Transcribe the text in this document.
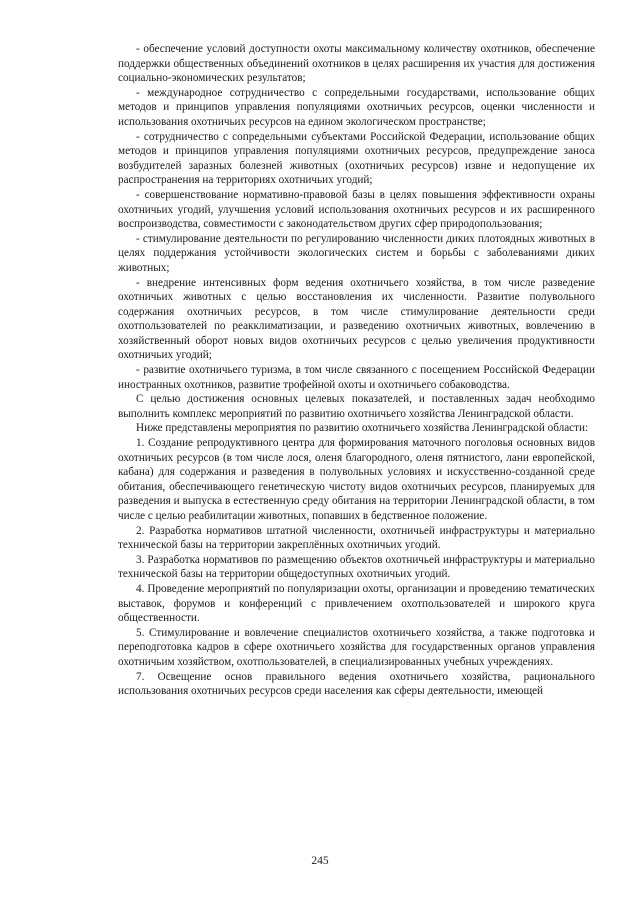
- обеспечение условий доступности охоты максимальному количеству охотников, обеспечение поддержки общественных объединений охотников в целях расширения их участия для достижения социально-экономических результатов;

- международное сотрудничество с сопредельными государствами, использование общих методов и принципов управления популяциями охотничьих ресурсов, оценки численности и использования охотничьих ресурсов на едином экологическом пространстве;

- сотрудничество с сопредельными субъектами Российской Федерации, использование общих методов и принципов управления популяциями охотничьих ресурсов, предупреждение заноса возбудителей заразных болезней животных (охотничьих ресурсов) извне и недопущение их распространения на территориях охотничьих угодий;

- совершенствование нормативно-правовой базы в целях повышения эффективности охраны охотничьих угодий, улучшения условий использования охотничьих ресурсов и их расширенного воспроизводства, совместимости с законодательством других сфер природопользования;

- стимулирование деятельности по регулированию численности диких плотоядных животных в целях поддержания устойчивости экологических систем и борьбы с заболеваниями диких животных;

- внедрение интенсивных форм ведения охотничьего хозяйства, в том числе разведение охотничьих животных с целью восстановления их численности. Развитие полувольного содержания охотничьих ресурсов, в том числе стимулирование деятельности среди охотпользователей по реакклиматизации, и разведению охотничьих животных, вовлечению в хозяйственный оборот новых видов охотничьих ресурсов с целью увеличения продуктивности охотничьих угодий;

- развитие охотничьего туризма, в том числе связанного с посещением Российской Федерации иностранных охотников, развитие трофейной охоты и охотничьего собаководства.

С целью достижения основных целевых показателей, и поставленных задач необходимо выполнить комплекс мероприятий по развитию охотничьего хозяйства Ленинградской области.

Ниже представлены мероприятия по развитию охотничьего хозяйства Ленинградской области:

1. Создание репродуктивного центра для формирования маточного поголовья основных видов охотничьих ресурсов (в том числе лося, оленя благородного, оленя пятнистого, лани европейской, кабана) для содержания и разведения в полувольных условиях и искусственно-созданной среде обитания, обеспечивающего генетическую чистоту видов охотничьих ресурсов, планируемых для разведения и выпуска в естественную среду обитания на территории Ленинградской области, в том числе с целью реабилитации животных, попавших в бедственное положение.

2. Разработка нормативов штатной численности, охотничьей инфраструктуры и материально технической базы на территории закреплённых охотничьих угодий.

3. Разработка нормативов по размещению объектов охотничьей инфраструктуры и материально технической базы на территории общедоступных охотничьих угодий.

4. Проведение мероприятий по популяризации охоты, организации и проведению тематических выставок, форумов и конференций с привлечением охотпользователей и широкого круга общественности.

5. Стимулирование и вовлечение специалистов охотничьего хозяйства, а также подготовка и переподготовка кадров в сфере охотничьего хозяйства для государственных органов управления охотничьим хозяйством, охотпользователей, в специализированных учебных учреждениях.

7. Освещение основ правильного ведения охотничьего хозяйства, рационального использования охотничьих ресурсов среди населения как сферы деятельности, имеющей

245
